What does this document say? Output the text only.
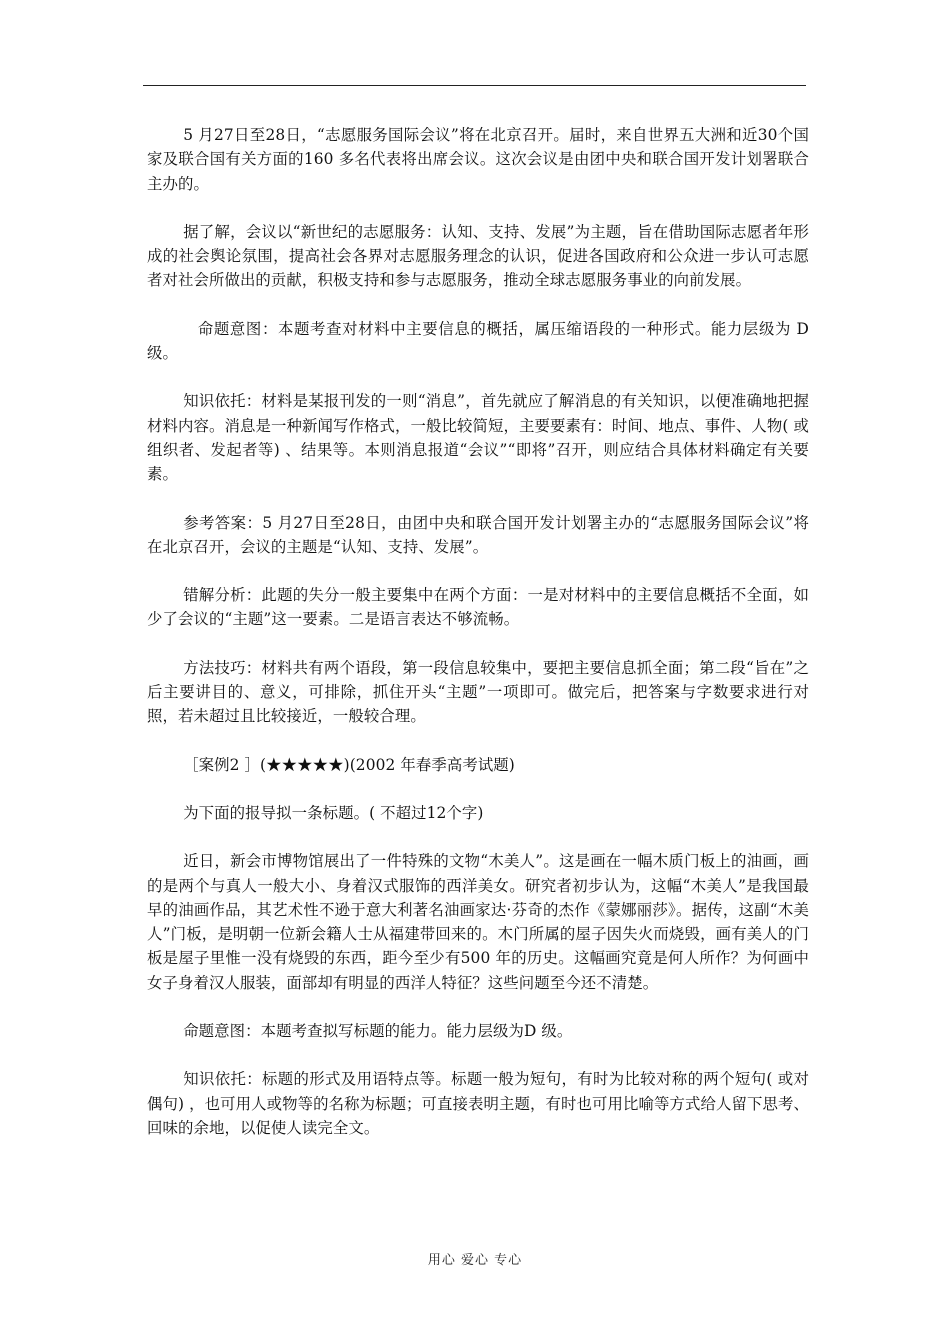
5 月27日至28日，“志愿服务国际会议”将在北京召开。届时，来自世界五大洲和近30个国家及联合国有关方面的160 多名代表将出席会议。这次会议是由团中央和联合国开发计划署联合主办的。

据了解，会议以“新世纪的志愿服务：认知、支持、发展”为主题，旨在借助国际志愿者年形成的社会舆论氛围，提高社会各界对志愿服务理念的认识，促进各国政府和公众进一步认可志愿者对社会所做出的贡献，积极支持和参与志愿服务，推动全球志愿服务事业的向前发展。

命题意图：本题考查对材料中主要信息的概括，属压缩语段的一种形式。能力层级为 D 级。

知识依托：材料是某报刊发的一则“消息”，首先就应了解消息的有关知识，以便准确地把握材料内容。消息是一种新闻写作格式，一般比较简短，主要要素有：时间、地点、事件、人物( 或组织者、发起者等) 、结果等。本则消息报道“会议”“即将”召开，则应结合具体材料确定有关要素。

参考答案：5 月27日至28日，由团中央和联合国开发计划署主办的“志愿服务国际会议”将在北京召开，会议的主题是“认知、支持、发展”。

错解分析：此题的失分一般主要集中在两个方面：一是对材料中的主要信息概括不全面，如少了会议的“主题”这一要素。二是语言表达不够流畅。

方法技巧：材料共有两个语段，第一段信息较集中，要把主要信息抓全面；第二段“旨在”之后主要讲目的、意义，可排除，抓住开头“主题”一项即可。做完后，把答案与字数要求进行对照，若未超过且比较接近，一般较合理。

［案例2 ］(★★★★★)(2002 年春季高考试题)

为下面的报导拟一条标题。( 不超过12个字)

近日，新会市博物馆展出了一件特殊的文物“木美人”。这是画在一幅木质门板上的油画，画的是两个与真人一般大小、身着汉式服饰的西洋美女。研究者初步认为，这幅“木美人”是我国最早的油画作品，其艺术性不逊于意大利著名油画家达·芬奇的杰作《蒙娜丽莎》。据传，这副“木美人”门板，是明朝一位新会籍人士从福建带回来的。木门所属的屋子因失火而烧毁，画有美人的门板是屋子里惟一没有烧毁的东西，距今至少有500 年的历史。这幅画究竟是何人所作？为何画中女子身着汉人服装，面部却有明显的西洋人特征？这些问题至今还不清楚。

命题意图：本题考查拟写标题的能力。能力层级为D 级。

知识依托：标题的形式及用语特点等。标题一般为短句，有时为比较对称的两个短句( 或对偶句) ，也可用人或物等的名称为标题；可直接表明主题，有时也可用比喻等方式给人留下思考、回味的余地，以促使人读完全文。

用心 爱心 专心
